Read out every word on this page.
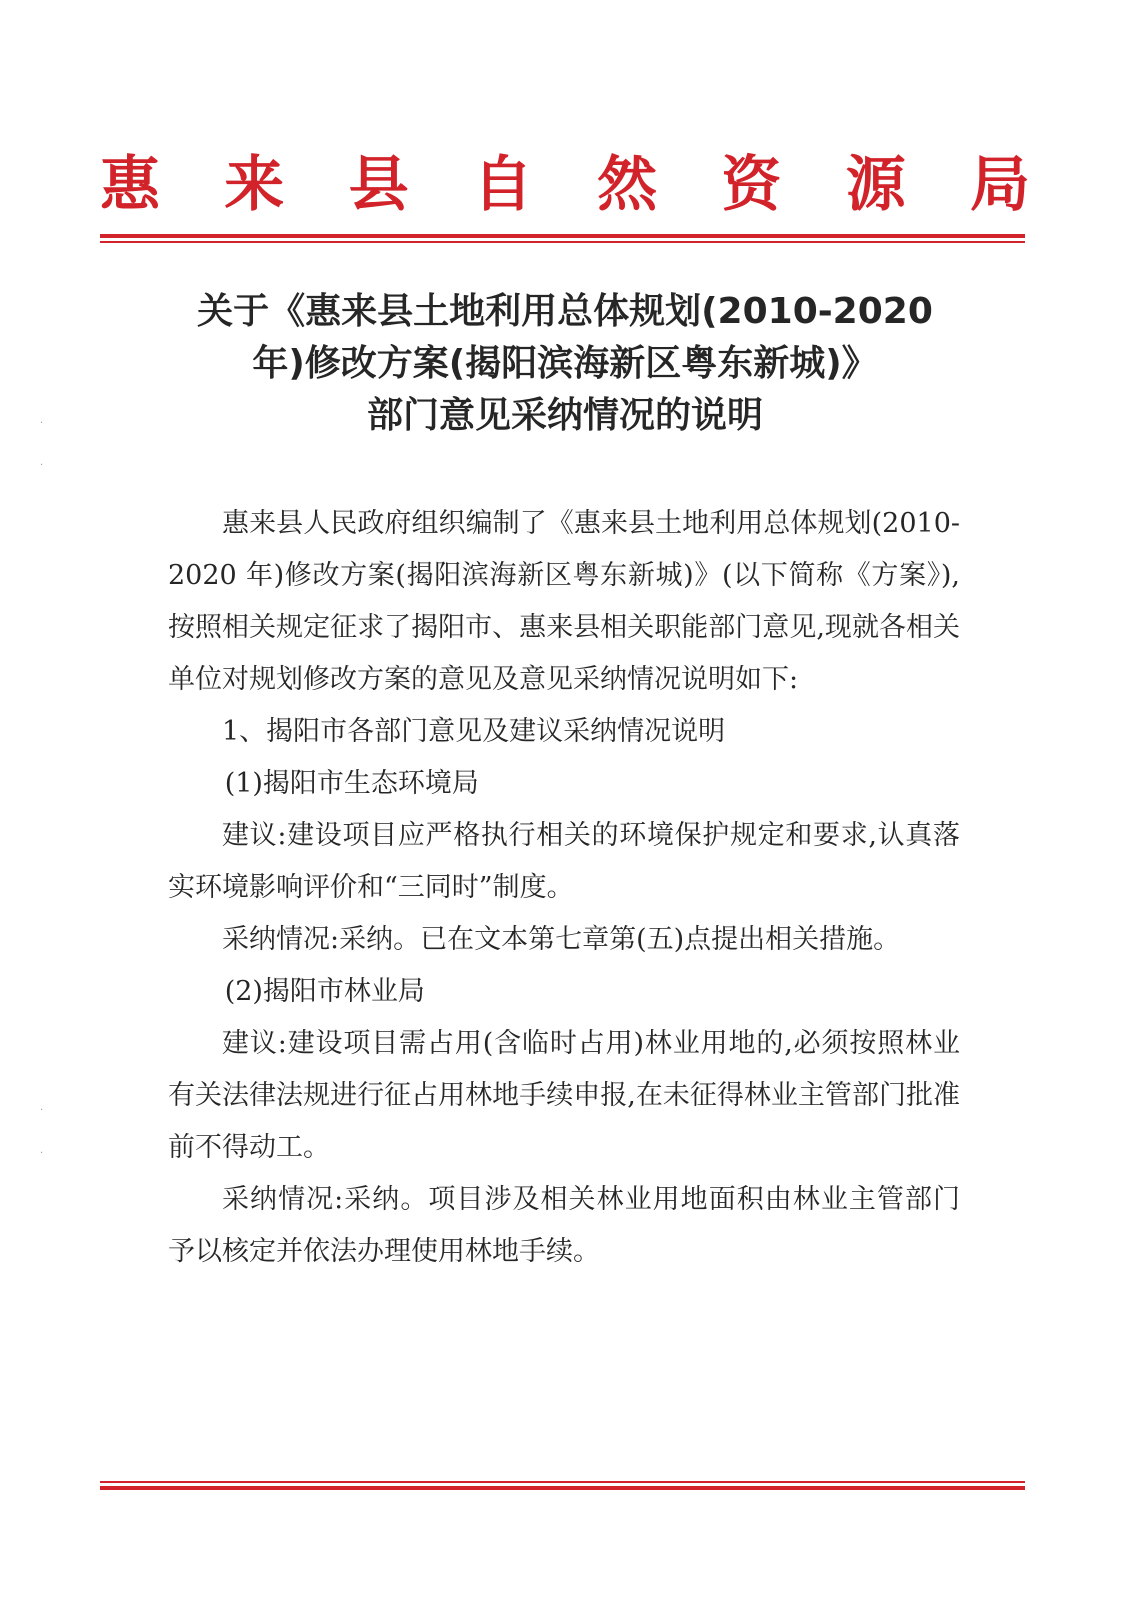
惠 来 县 自 然 资 源 局
关于《惠来县土地利用总体规划(2010-2020
年)修改方案(揭阳滨海新区粤东新城)》
部门意见采纳情况的说明

惠来县人民政府组织编制了《惠来县土地利用总体规划(2010-2020 年)修改方案(揭阳滨海新区粤东新城)》(以下简称《方案》),按照相关规定征求了揭阳市、惠来县相关职能部门意见,现就各相关单位对规划修改方案的意见及意见采纳情况说明如下:

1、揭阳市各部门意见及建议采纳情况说明

(1)揭阳市生态环境局

建议:建设项目应严格执行相关的环境保护规定和要求,认真落实环境影响评价和“三同时”制度。

采纳情况:采纳。已在文本第七章第(五)点提出相关措施。

(2)揭阳市林业局

建议:建设项目需占用(含临时占用)林业用地的,必须按照林业有关法律法规进行征占用林地手续申报,在未征得林业主管部门批准前不得动工。

采纳情况:采纳。项目涉及相关林业用地面积由林业主管部门予以核定并依法办理使用林地手续。

·
·
·
·
